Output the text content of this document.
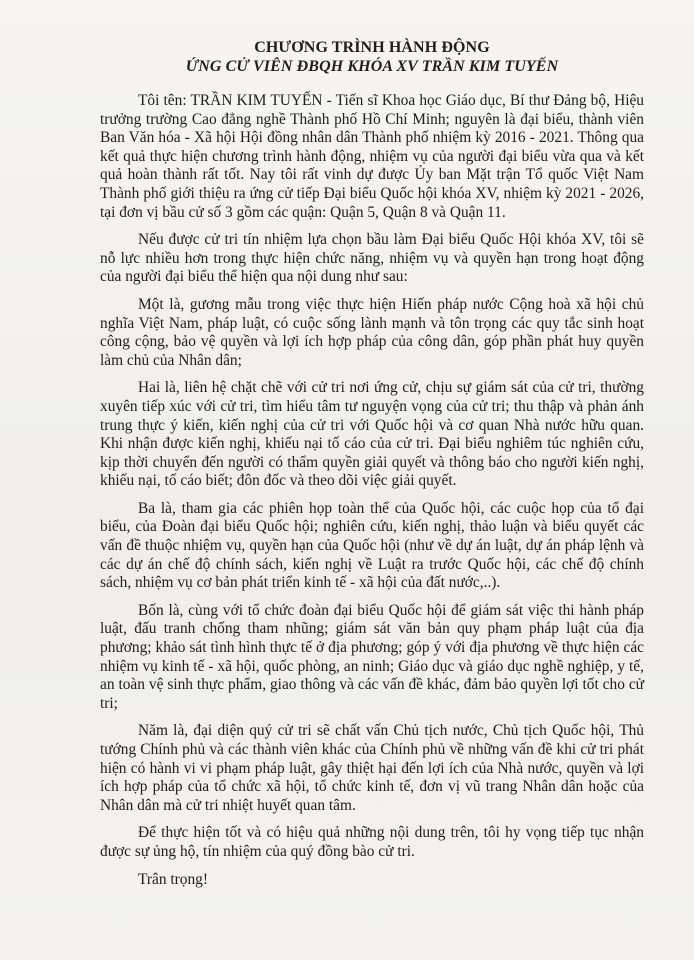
CHƯƠNG TRÌNH HÀNH ĐỘNG
ỨNG CỬ VIÊN ĐBQH KHÓA XV TRẦN KIM TUYẾN

Tôi tên: TRẦN KIM TUYẾN - Tiến sĩ Khoa học Giáo dục, Bí thư Đảng bộ, Hiệu trưởng trường Cao đẳng nghề Thành phố Hồ Chí Minh; nguyên là đại biểu, thành viên Ban Văn hóa - Xã hội Hội đồng nhân dân Thành phố nhiệm kỳ 2016 - 2021. Thông qua kết quả thực hiện chương trình hành động, nhiệm vụ của người đại biểu vừa qua và kết quả hoàn thành rất tốt. Nay tôi rất vinh dự được Ủy ban Mặt trận Tổ quốc Việt Nam Thành phố giới thiệu ra ứng cử tiếp Đại biểu Quốc hội khóa XV, nhiệm kỳ 2021 - 2026, tại đơn vị bầu cử số 3 gồm các quận: Quận 5, Quận 8 và Quận 11.

Nếu được cử tri tín nhiệm lựa chọn bầu làm Đại biểu Quốc Hội khóa XV, tôi sẽ nỗ lực nhiều hơn trong thực hiện chức năng, nhiệm vụ và quyền hạn trong hoạt động của người đại biểu thể hiện qua nội dung như sau:

Một là, gương mẫu trong việc thực hiện Hiến pháp nước Cộng hoà xã hội chủ nghĩa Việt Nam, pháp luật, có cuộc sống lành mạnh và tôn trọng các quy tắc sinh hoạt công cộng, bảo vệ quyền và lợi ích hợp pháp của công dân, góp phần phát huy quyền làm chủ của Nhân dân;

Hai là, liên hệ chặt chẽ với cử tri nơi ứng cử, chịu sự giám sát của cử tri, thường xuyên tiếp xúc với cử tri, tìm hiểu tâm tư nguyện vọng của cử tri; thu thập và phản ánh trung thực ý kiến, kiến nghị của cử tri với Quốc hội và cơ quan Nhà nước hữu quan. Khi nhận được kiến nghị, khiếu nại tố cáo của cử tri. Đại biểu nghiêm túc nghiên cứu, kịp thời chuyển đến người có thẩm quyền giải quyết và thông báo cho người kiến nghị, khiếu nại, tố cáo biết; đôn đốc và theo dõi việc giải quyết.

Ba là, tham gia các phiên họp toàn thể của Quốc hội, các cuộc họp của tổ đại biểu, của Đoàn đại biểu Quốc hội; nghiên cứu, kiến nghị, thảo luận và biểu quyết các vấn đề thuộc nhiệm vụ, quyền hạn của Quốc hội (như về dự án luật, dự án pháp lệnh và các dự án chế độ chính sách, kiến nghị về Luật ra trước Quốc hội, các chế độ chính sách, nhiệm vụ cơ bản phát triển kinh tế - xã hội của đất nước,..).

Bốn là, cùng với tổ chức đoàn đại biểu Quốc hội để giám sát việc thi hành pháp luật, đấu tranh chống tham nhũng; giám sát văn bản quy phạm pháp luật của địa phương; khảo sát tình hình thực tế ở địa phương; góp ý với địa phương về thực hiện các nhiệm vụ kinh tế - xã hội, quốc phòng, an ninh; Giáo dục và giáo dục nghề nghiệp, y tế, an toàn vệ sinh thực phẩm, giao thông và các vấn đề khác, đảm bảo quyền lợi tốt cho cử tri;

Năm là, đại diện quý cử tri sẽ chất vấn Chủ tịch nước, Chủ tịch Quốc hội, Thủ tướng Chính phủ và các thành viên khác của Chính phủ về những vấn đề khi cử tri phát hiện có hành vi vi phạm pháp luật, gây thiệt hại đến lợi ích của Nhà nước, quyền và lợi ích hợp pháp của tổ chức xã hội, tổ chức kinh tế, đơn vị vũ trang Nhân dân hoặc của Nhân dân mà cử tri nhiệt huyết quan tâm.

Để thực hiện tốt và có hiệu quả những nội dung trên, tôi hy vọng tiếp tục nhận được sự ủng hộ, tín nhiệm của quý đồng bào cử tri.

Trân trọng!
